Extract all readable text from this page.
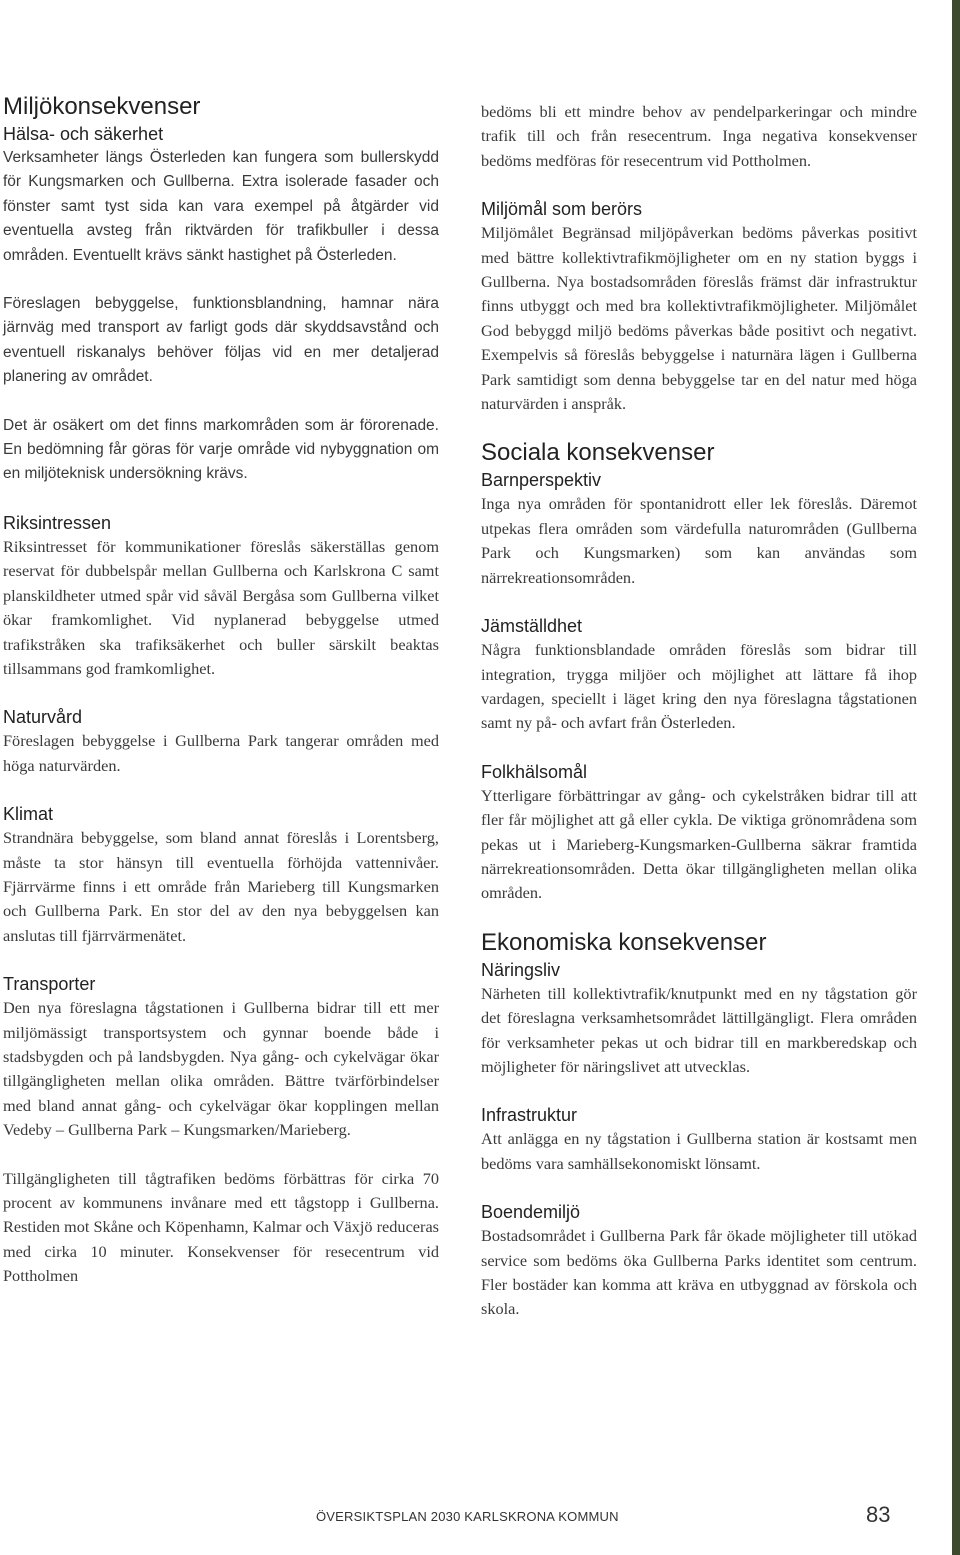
Miljökonsekvenser
Hälsa- och säkerhet

Verksamheter längs Österleden kan fungera som bullerskydd för Kungsmarken och Gullberna. Extra isolerade fasader och fönster samt tyst sida kan vara exempel på åtgärder vid eventuella avsteg från riktvärden för trafikbuller i dessa områden. Eventuellt krävs sänkt hastighet på Österleden.

Föreslagen bebyggelse, funktionsblandning, hamnar nära järnväg med transport av farligt gods där skyddsavstånd och eventuell riskanalys behöver följas vid en mer detaljerad planering av området.

Det är osäkert om det finns markområden som är förorenade. En bedömning får göras för varje område vid nybyggnation om en miljöteknisk undersökning krävs.

Riksintressen

Riksintresset för kommunikationer föreslås säkerställas genom reservat för dubbelspår mellan Gullberna och Karlskrona C samt planskildheter utmed spår vid såväl Bergåsa som Gullberna vilket ökar framkomlighet. Vid nyplanerad bebyggelse utmed trafikstråken ska trafiksäkerhet och buller särskilt beaktas tillsammans god framkomlighet.

Naturvård

Föreslagen bebyggelse i Gullberna Park tangerar områden med höga naturvärden.

Klimat

Strandnära bebyggelse, som bland annat föreslås i Lorentsberg, måste ta stor hänsyn till eventuella förhöjda vattennivåer. Fjärrvärme finns i ett område från Marieberg till Kungsmarken och Gullberna Park. En stor del av den nya bebyggelsen kan anslutas till fjärrvärmenätet.

Transporter

Den nya föreslagna tågstationen i Gullberna bidrar till ett mer miljömässigt transportsystem och gynnar boende både i stadsbygden och på landsbygden. Nya gång- och cykelvägar ökar tillgängligheten mellan olika områden. Bättre tvärförbindelser med bland annat gång- och cykelvägar ökar kopplingen mellan Vedeby – Gullberna Park – Kungsmarken/Marieberg.

Tillgängligheten till tågtrafiken bedöms förbättras för cirka 70 procent av kommunens invånare med ett tågstopp i Gullberna. Restiden mot Skåne och Köpenhamn, Kalmar och Växjö reduceras med cirka 10 minuter. Konsekvenser för resecentrum vid Pottholmen

bedöms bli ett mindre behov av pendelparkeringar och mindre trafik till och från resecentrum. Inga negativa konsekvenser bedöms medföras för resecentrum vid Pottholmen.

Miljömål som berörs

Miljömålet Begränsad miljöpåverkan bedöms påverkas positivt med bättre kollektivtrafikmöjligheter om en ny station byggs i Gullberna. Nya bostadsområden föreslås främst där infrastruktur finns utbyggt och med bra kollektivtrafikmöjligheter. Miljömålet God bebyggd miljö bedöms påverkas både positivt och negativt. Exempelvis så föreslås bebyggelse i naturnära lägen i Gullberna Park samtidigt som denna bebyggelse tar en del natur med höga naturvärden i anspråk.

Sociala konsekvenser
Barnperspektiv

Inga nya områden för spontanidrott eller lek föreslås. Däremot utpekas flera områden som värdefulla naturområden (Gullberna Park och Kungsmarken) som kan användas som närrekreationsområden.

Jämställdhet

Några funktionsblandade områden föreslås som bidrar till integration, trygga miljöer och möjlighet att lättare få ihop vardagen, speciellt i läget kring den nya föreslagna tågstationen samt ny på- och avfart från Österleden.

Folkhälsomål

Ytterligare förbättringar av gång- och cykelstråken bidrar till att fler får möjlighet att gå eller cykla. De viktiga grönområdena som pekas ut i Marieberg-Kungsmarken-Gullberna säkrar framtida närrekreationsområden. Detta ökar tillgängligheten mellan olika områden.

Ekonomiska konsekvenser
Näringsliv

Närheten till kollektivtrafik/knutpunkt med en ny tågstation gör det föreslagna verksamhetsområdet lättillgängligt. Flera områden för verksamheter pekas ut och bidrar till en markberedskap och möjligheter för näringslivet att utvecklas.

Infrastruktur

Att anlägga en ny tågstation i Gullberna station är kostsamt men bedöms vara samhällsekonomiskt lönsamt.

Boendemiljö

Bostadsområdet i Gullberna Park får ökade möjligheter till utökad service som bedöms öka Gullberna Parks identitet som centrum. Fler bostäder kan komma att kräva en utbyggnad av förskola och skola.

ÖVERSIKTSPLAN 2030 KARLSKRONA KOMMUN	83
